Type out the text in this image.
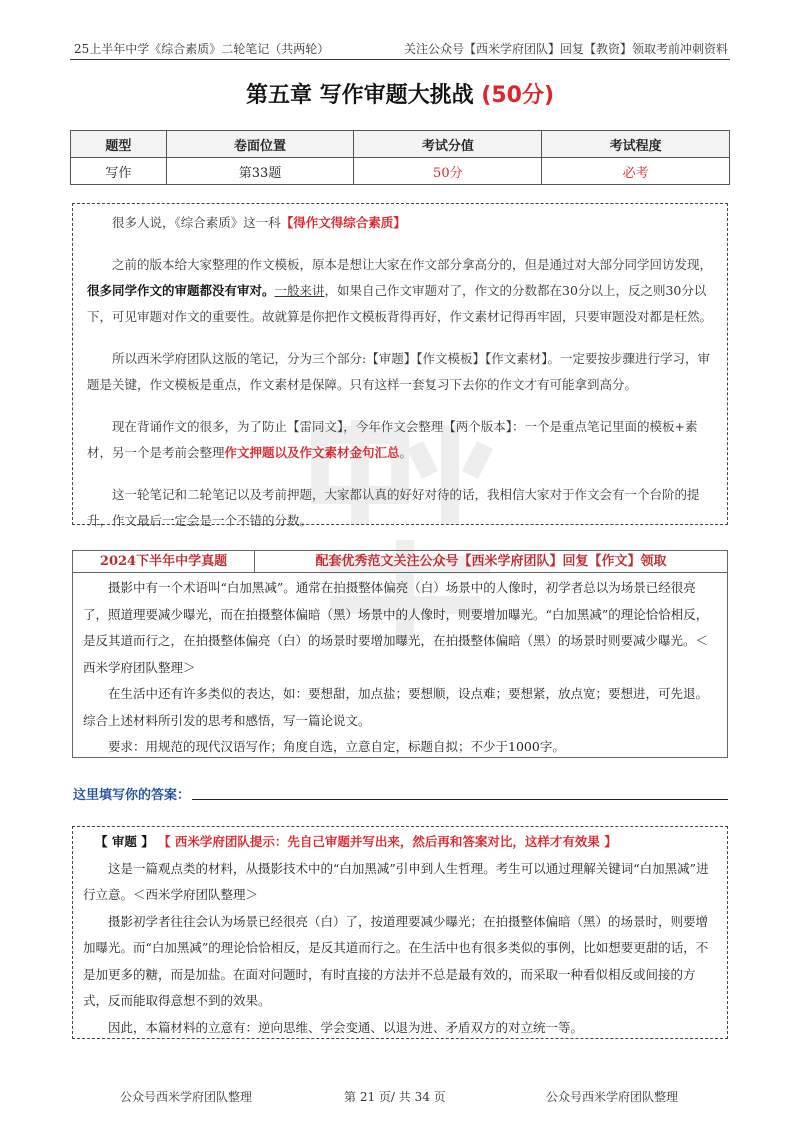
25上半年中学《综合素质》二轮笔记（共两轮）	关注公众号【西米学府团队】回复【教资】领取考前冲刺资料
第五章 写作审题大挑战 (50分)
题型	卷面位置	考试分值	考试程度
写作	第33题	50分	必考

很多人说，《综合素质》这一科【得作文得综合素质】

之前的版本给大家整理的作文模板，原本是想让大家在作文部分拿高分的，但是通过对大部分同学回访发现，很多同学作文的审题都没有审对。一般来讲，如果自己作文审题对了，作文的分数都在30分以上，反之则30分以下，可见审题对作文的重要性。故就算是你把作文模板背得再好，作文素材记得再牢固，只要审题没对都是枉然。

所以西米学府团队这版的笔记，分为三个部分:【审题】【作文模板】【作文素材】。一定要按步骤进行学习，审题是关键，作文模板是重点，作文素材是保障。只有这样一套复习下去你的作文才有可能拿到高分。

现在背诵作文的很多，为了防止【雷同文】，今年作文会整理【两个版本】：一个是重点笔记里面的模板+素材，另一个是考前会整理作文押题以及作文素材金句汇总。

这一轮笔记和二轮笔记以及考前押题，大家都认真的好好对待的话，我相信大家对于作文会有一个台阶的提升，作文最后一定会是一个不错的分数。

2024下半年中学真题	配套优秀范文关注公众号【西米学府团队】回复【作文】领取

摄影中有一个术语叫“白加黑减”。通常在拍摄整体偏亮（白）场景中的人像时，初学者总以为场景已经很亮了，照道理要减少曝光，而在拍摄整体偏暗（黑）场景中的人像时，则要增加曝光。“白加黑减”的理论恰恰相反，是反其道而行之，在拍摄整体偏亮（白）的场景时要增加曝光，在拍摄整体偏暗（黑）的场景时则要减少曝光。＜西米学府团队整理＞

在生活中还有许多类似的表达，如：要想甜，加点盐；要想顺，设点难；要想紧，放点宽；要想进，可先退。综合上述材料所引发的思考和感悟，写一篇论说文。

要求：用规范的现代汉语写作；角度自选，立意自定，标题自拟；不少于1000字。

这里填写你的答案：
【 审题 】 【 西米学府团队提示：先自己审题并写出来，然后再和答案对比，这样才有效果 】

这是一篇观点类的材料，从摄影技术中的“白加黑减”引申到人生哲理。考生可以通过理解关键词“白加黑减”进行立意。＜西米学府团队整理＞

摄影初学者往往会认为场景已经很亮（白）了，按道理要减少曝光；在拍摄整体偏暗（黑）的场景时，则要增加曝光。而“白加黑减”的理论恰恰相反，是反其道而行之。在生活中也有很多类似的事例，比如想要更甜的话，不是加更多的糖，而是加盐。在面对问题时，有时直接的方法并不总是最有效的，而采取一种看似相反或间接的方式，反而能取得意想不到的效果。

因此，本篇材料的立意有：逆向思维、学会变通、以退为进、矛盾双方的对立统一等。

公众号西米学府团队整理	第 21 页/ 共 34 页	公众号西米学府团队整理
